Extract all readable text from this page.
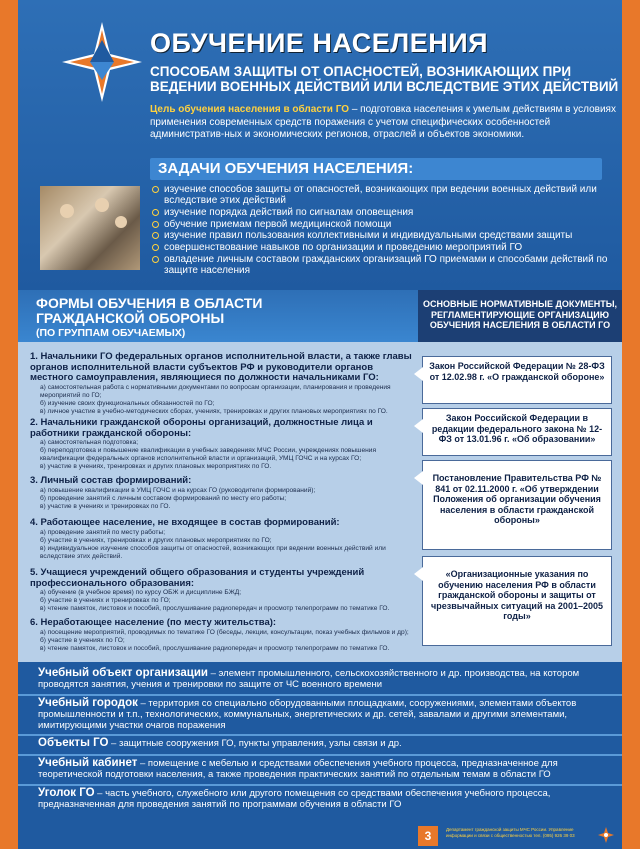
ОБУЧЕНИЕ НАСЕЛЕНИЯ
СПОСОБАМ ЗАЩИТЫ ОТ ОПАСНОСТЕЙ, ВОЗНИКАЮЩИХ ПРИ ВЕДЕНИИ ВОЕННЫХ ДЕЙСТВИЙ ИЛИ ВСЛЕДСТВИЕ ЭТИХ ДЕЙСТВИЙ
Цель обучения населения в области ГО – подготовка населения к умелым действиям в условиях применения современных средств поражения с учетом специфических особенностей административ-ных и экономических регионов, отраслей и объектов экономики.
ЗАДАЧИ ОБУЧЕНИЯ НАСЕЛЕНИЯ:
изучение способов защиты от опасностей, возникающих при ведении военных действий или вследствие этих действий
изучение порядка действий по сигналам оповещения
обучение приемам первой медицинской помощи
изучение правил пользования коллективными и индивидуальными средствами защиты
совершенствование навыков по организации и проведению мероприятий ГО
овладение личным составом гражданских организаций ГО приемами и способами действий по защите населения
ФОРМЫ ОБУЧЕНИЯ В ОБЛАСТИ ГРАЖДАНСКОЙ ОБОРОНЫ
(ПО ГРУППАМ ОБУЧАЕМЫХ)
ОСНОВНЫЕ НОРМАТИВНЫЕ ДОКУМЕНТЫ, РЕГЛАМЕНТИРУЮЩИЕ ОРГАНИЗАЦИЮ ОБУЧЕНИЯ НАСЕЛЕНИЯ В ОБЛАСТИ ГО
1. Начальники ГО федеральных органов исполнительной власти, а также главы органов исполнительной власти субъектов РФ и руководители органов местного самоуправления, являющиеся по должности начальниками ГО:
а) самостоятельная работа с нормативными документами по вопросам организации, планирования и проведения мероприятий по ГО;
б) изучение своих функциональных обязанностей по ГО;
в) личное участие в учебно-методических сборах, учениях, тренировках и других плановых мероприятиях по ГО.
2. Начальники гражданской обороны организаций, должностные лица и работники гражданской обороны:
а) самостоятельная подготовка;
б) переподготовка и повышение квалификации в учебных заведениях МЧС России, учреждениях повышения квалификации федеральных органов исполнительной власти и организаций, УМЦ ГОЧС и на курсах ГО;
в) участие в учениях, тренировках и других плановых мероприятиях по ГО.
3. Личный состав формирований:
а) повышение квалификации в УМЦ ГОЧС и на курсах ГО (руководители формирований);
б) проведение занятий с личным составом формирований по месту его работы;
в) участие в учениях и тренировках по ГО.
4. Работающее население, не входящее в состав формирований:
а) проведение занятий по месту работы;
б) участие в учениях, тренировках и других плановых мероприятиях по ГО;
в) индивидуальное изучение способов защиты от опасностей, возникающих при ведении военных действий или вследствие этих действий.
5. Учащиеся учреждений общего образования и студенты учреждений профессионального образования:
а) обучение (в учебное время) по курсу ОБЖ и дисциплине БЖД;
б) участие в учениях и тренировках по ГО;
в) чтение памяток, листовок и пособий, прослушивание радиопередач и просмотр телепрограмм по тематике ГО.
6. Неработающее население (по месту жительства):
а) посещение мероприятий, проводимых по тематике ГО (беседы, лекции, консультации, показ учебных фильмов и др);
б) участие в учениях по ГО;
в) чтение памяток, листовок и пособий, прослушивание радиопередач и просмотр телепрограмм по тематике ГО.
Закон Российской Федерации № 28-ФЗ от 12.02.98 г. «О гражданской обороне»
Закон Российской Федерации в редакции федерального закона № 12-ФЗ от 13.01.96 г. «Об образовании»
Постановление Правительства РФ № 841 от 02.11.2000 г. «Об утверждении Положения об организации обучения населения в области гражданской обороны»
«Организационные указания по обучению населения РФ в области гражданской обороны и защиты от чрезвычайных ситуаций на 2001–2005 годы»
Учебный объект организации – элемент промышленного, сельскохозяйственного и др. производства, на котором проводятся занятия, учения и тренировки по защите от ЧС военного времени
Учебный городок – территория со специально оборудованными площадками, сооружениями, элементами объектов промышленности и т.п., технологических, коммунальных, энергетических и др. сетей, завалами и другими элементами, имитирующими участки очагов поражения
Объекты ГО – защитные сооружения ГО, пункты управления, узлы связи и др.
Учебный кабинет – помещение с мебелью и средствами обеспечения учебного процесса, предназначенное для теоретической подготовки населения, а также проведения практических занятий по отдельным темам в области ГО
Уголок ГО – часть учебного, служебного или другого помещения со средствами обеспечения учебного процесса, предназначенная для проведения занятий по программам обучения в области ГО
3	Департамент гражданской защиты МЧС России. Управление информации и связи с общественностью тел. (095) 926 39 03
